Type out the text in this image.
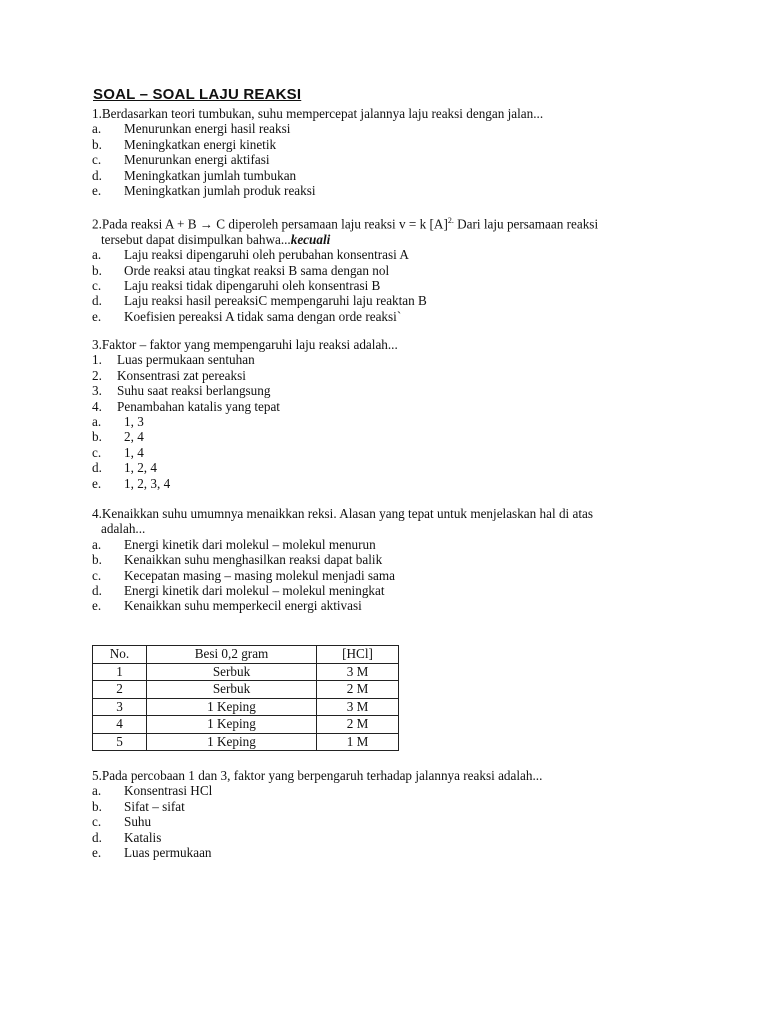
SOAL – SOAL LAJU REAKSI
1.Berdasarkan teori tumbukan, suhu mempercepat jalannya laju reaksi dengan jalan...
a.	Menurunkan energi hasil reaksi
b.	Meningkatkan energi kinetik
c.	Menurunkan energi aktifasi
d.	Meningkatkan jumlah tumbukan
e.	Meningkatkan jumlah produk reaksi
2.Pada reaksi A + B → C diperoleh persamaan laju reaksi v = k $[A]^{2.}$ Dari laju persamaan reaksi
tersebut dapat disimpulkan bahwa...kecuali
a.	Laju reaksi dipengaruhi oleh perubahan konsentrasi A
b.	Orde reaksi atau tingkat reaksi B sama dengan nol
c.	Laju reaksi tidak dipengaruhi oleh konsentrasi B
d.	Laju reaksi hasil pereaksiC mempengaruhi laju reaktan B
e.	Koefisien pereaksi A tidak sama dengan orde reaksi`
3.Faktor – faktor yang mempengaruhi laju reaksi adalah...
1.	Luas permukaan sentuhan
2.	Konsentrasi zat pereaksi
3.	Suhu saat reaksi berlangsung
4.	Penambahan katalis yang tepat
a.	1, 3
b.	2, 4
c.	1, 4
d.	1, 2, 4
e.	1, 2, 3, 4
4.Kenaikkan suhu umumnya menaikkan reksi. Alasan yang tepat untuk menjelaskan hal di atas
adalah...
a.	Energi kinetik dari molekul – molekul menurun
b.	Kenaikkan suhu menghasilkan reaksi dapat balik
c.	Kecepatan masing – masing molekul menjadi sama
d.	Energi kinetik dari molekul – molekul meningkat
e.	Kenaikkan suhu memperkecil energi aktivasi
No.	Besi 0,2 gram	[HCl]
1	Serbuk	3 M
2	Serbuk	2 M
3	1 Keping	3 M
4	1 Keping	2 M
5	1 Keping	1 M
5.Pada percobaan 1 dan 3, faktor yang berpengaruh terhadap jalannya reaksi adalah...
a.	Konsentrasi HCl
b.	Sifat – sifat
c.	Suhu
d.	Katalis
e.	Luas permukaan
